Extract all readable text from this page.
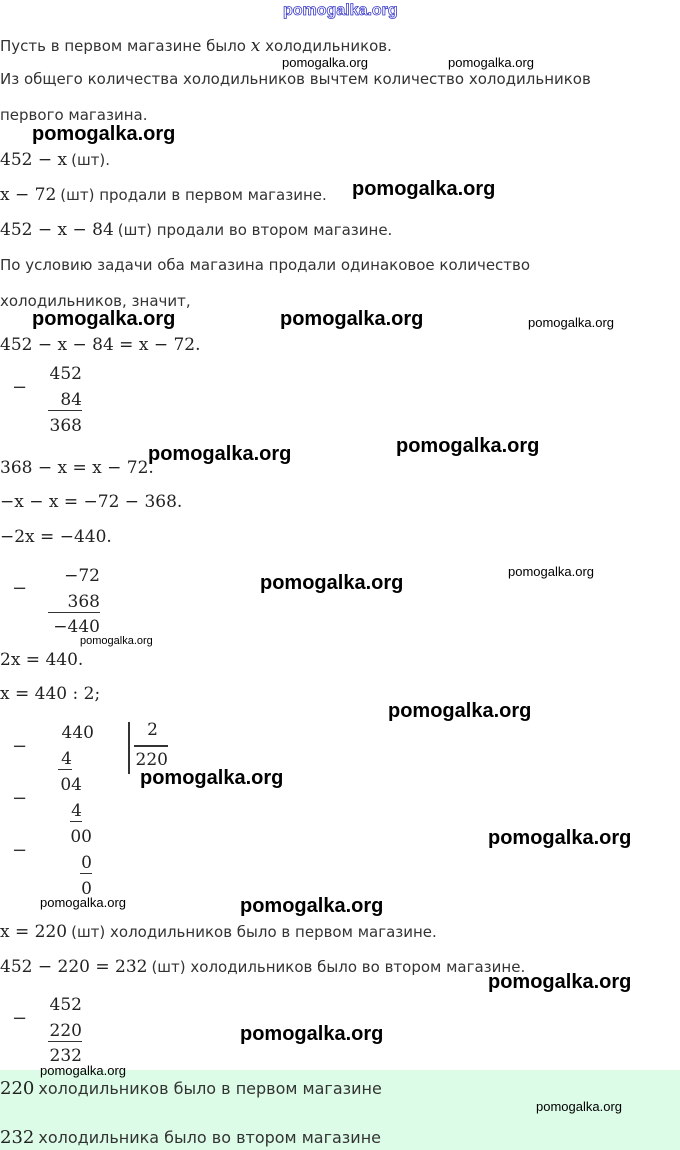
pomogalka.org
Пусть в первом магазине было x холодильников.
Из общего количества холодильников вычтем количество холодильников
первого магазина.
452 − x (шт).
x − 72 (шт) продали в первом магазине.
452 − x − 84 (шт) продали во втором магазине.
По условию задачи оба магазина продали одинаковое количество
холодильников, значит,
452 − x − 84 = x − 72.
−
452
84
368
368 − x = x − 72.
−x − x = −72 − 368.
−2x = −440.
−
−72
368
−440
2x = 440.
x = 440 : 2;
−
440
4
2
220
−
04
4
−
00
0
0
x = 220 (шт) холодильников было в первом магазине.
452 − 220 = 232 (шт) холодильников было во втором магазине.
−
452
220
232
220 холодильников было в первом магазине
232 холодильника было во втором магазине
pomogalka.org	pomogalka.org
pomogalka.org
pomogalka.org
pomogalka.org	pomogalka.org	pomogalka.org
pomogalka.org	pomogalka.org
pomogalka.org
pomogalka.org
pomogalka.org
pomogalka.org
pomogalka.org
pomogalka.org
pomogalka.org	pomogalka.org
pomogalka.org
pomogalka.org
pomogalka.org
pomogalka.org
